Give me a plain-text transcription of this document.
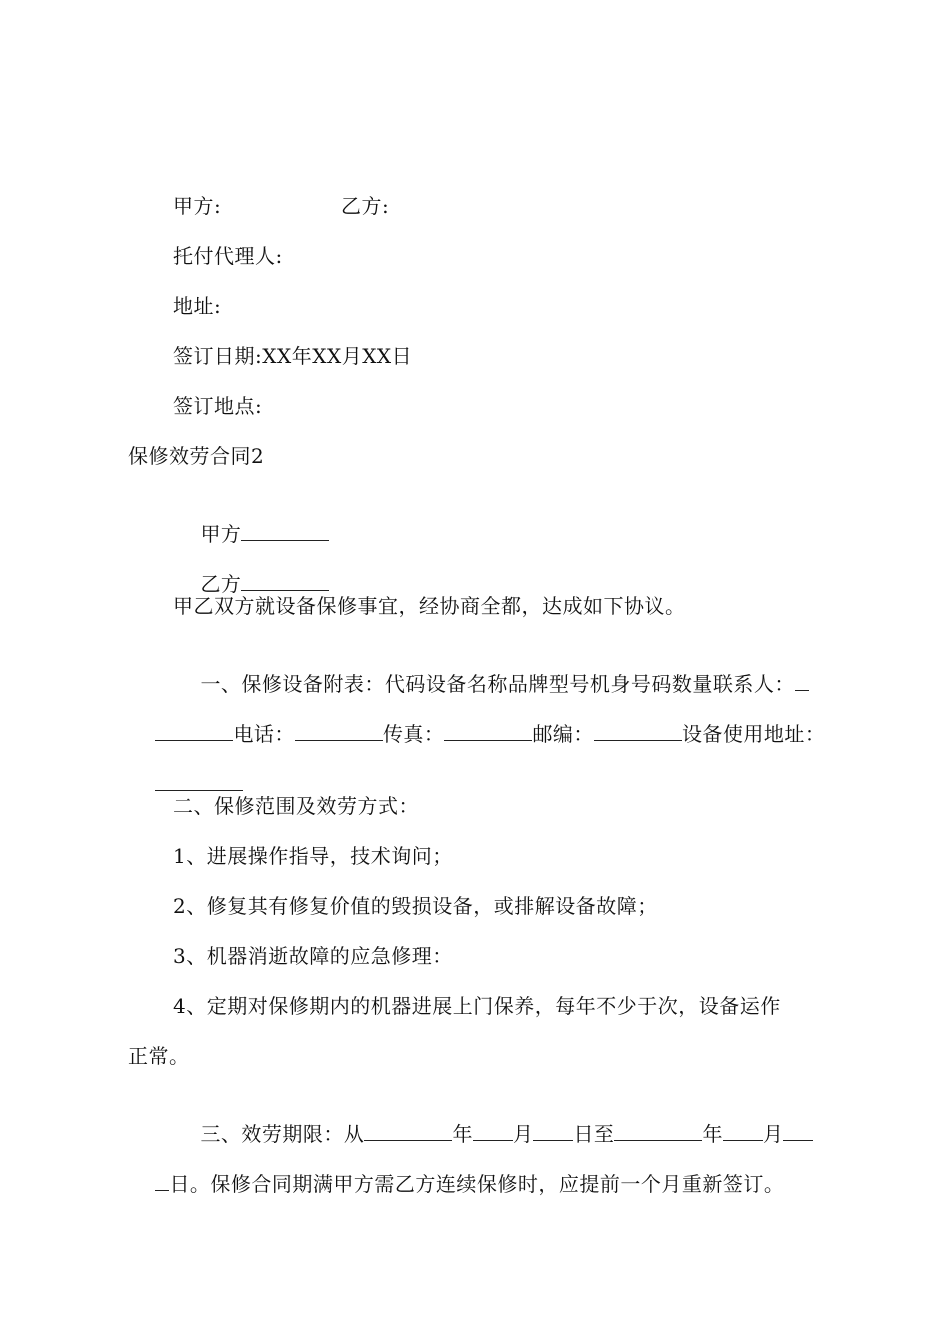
甲方:	乙方:
托付代理人:
地址:
签订日期:XX年XX月XX日
签订地点:
保修效劳合同2

甲方

乙方

甲乙双方就设备保修事宜，经协商全都，达成如下协议。

一、保修设备附表：代码设备名称品牌型号机身号码数量联系人：

电话：	传真：	邮编：	设备使用地址：

二、保修范围及效劳方式：
1、进展操作指导，技术询问；
2、修复其有修复价值的毁损设备，或排解设备故障；
3、机器消逝故障的应急修理：
4、定期对保修期内的机器进展上门保养，每年不少于次，设备运作
正常。

三、效劳期限：从	年 月 日至	年 月

日。保修合同期满甲方需乙方连续保修时，应提前一个月重新签订。
